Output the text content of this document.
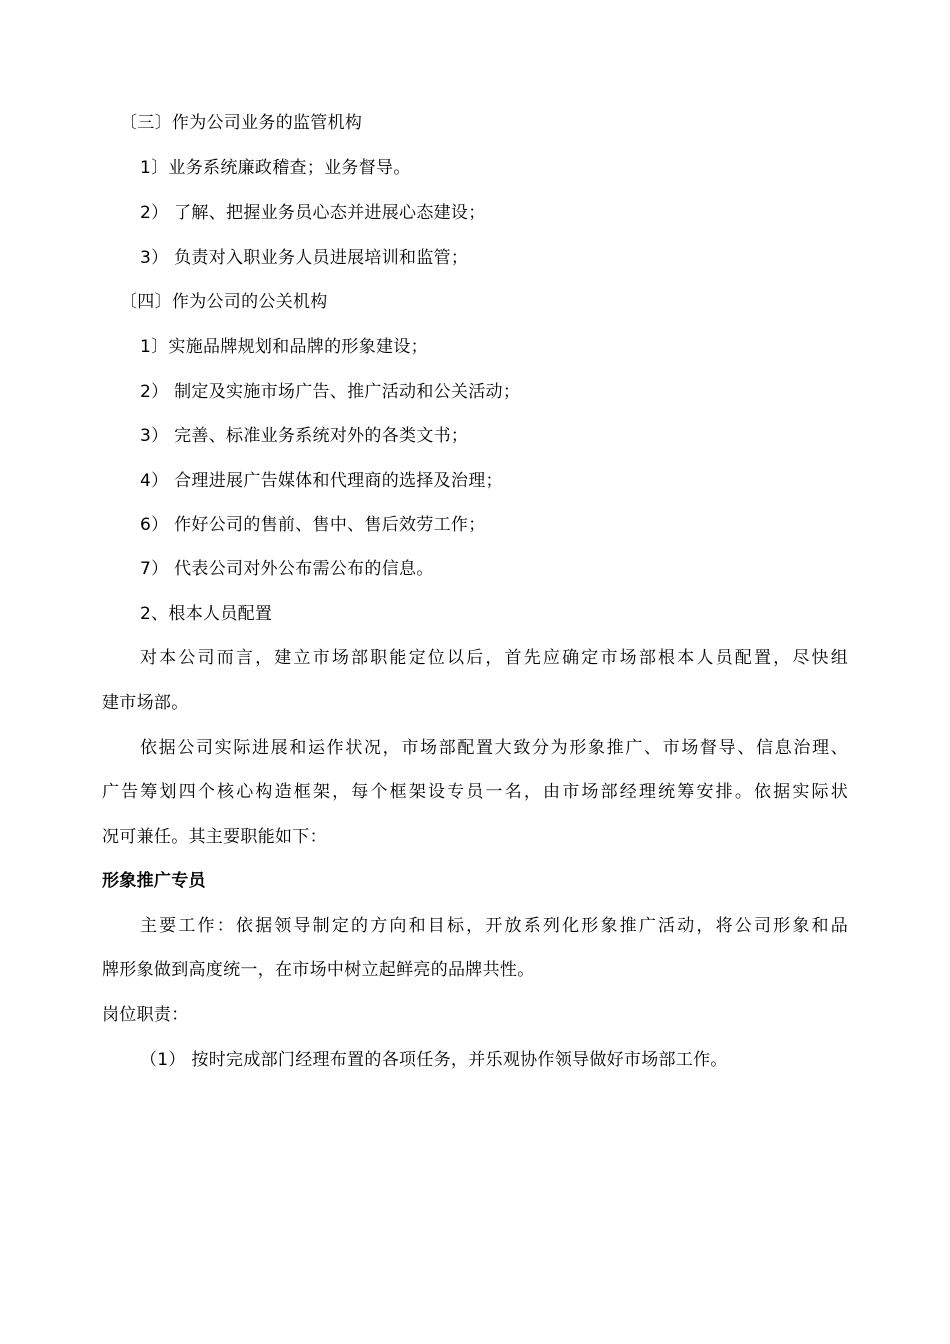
〔三〕作为公司业务的监管机构
1〕业务系统廉政稽查；业务督导。
2） 了解、把握业务员心态并进展心态建设；
3） 负责对入职业务人员进展培训和监管；
〔四〕作为公司的公关机构
1〕实施品牌规划和品牌的形象建设；
2） 制定及实施市场广告、推广活动和公关活动；
3） 完善、标准业务系统对外的各类文书；
4） 合理进展广告媒体和代理商的选择及治理；
6） 作好公司的售前、售中、售后效劳工作；
7） 代表公司对外公布需公布的信息。
2、根本人员配置
对本公司而言，建立市场部职能定位以后，首先应确定市场部根本人员配置，尽快组
建市场部。
依据公司实际进展和运作状况，市场部配置大致分为形象推广、市场督导、信息治理、
广告筹划四个核心构造框架，每个框架设专员一名，由市场部经理统筹安排。依据实际状
况可兼任。其主要职能如下：
形象推广专员
主要工作：依据领导制定的方向和目标，开放系列化形象推广活动，将公司形象和品
牌形象做到高度统一，在市场中树立起鲜亮的品牌共性。
岗位职责：
（1） 按时完成部门经理布置的各项任务，并乐观协作领导做好市场部工作。
